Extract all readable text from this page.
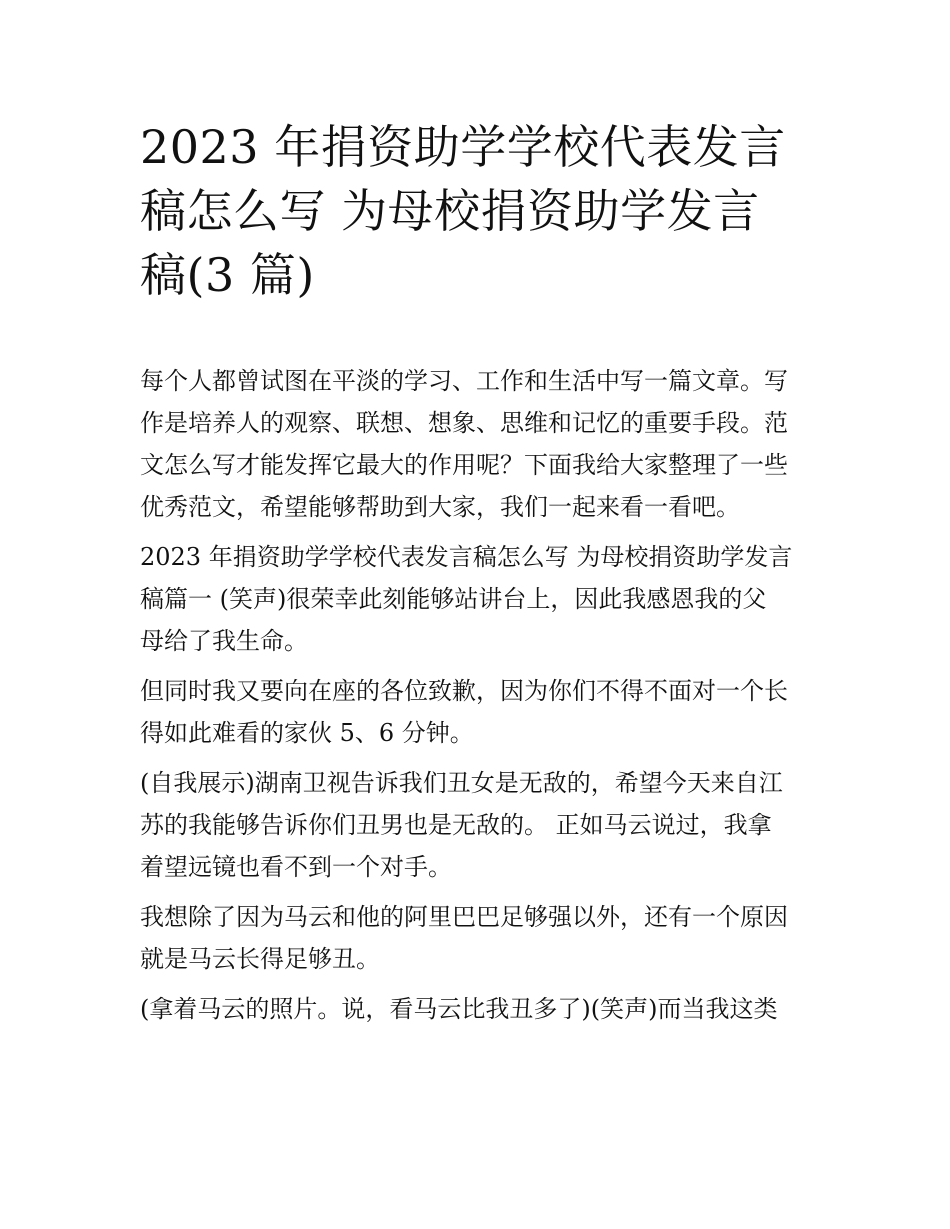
2023 年捐资助学学校代表发言
稿怎么写 为母校捐资助学发言
稿(3 篇)

每个人都曾试图在平淡的学习、工作和生活中写一篇文章。写
作是培养人的观察、联想、想象、思维和记忆的重要手段。范
文怎么写才能发挥它最大的作用呢？下面我给大家整理了一些
优秀范文，希望能够帮助到大家，我们一起来看一看吧。

2023 年捐资助学学校代表发言稿怎么写 为母校捐资助学发言
稿篇一 (笑声)很荣幸此刻能够站讲台上，因此我感恩我的父
母给了我生命。

但同时我又要向在座的各位致歉，因为你们不得不面对一个长
得如此难看的家伙 5、6 分钟。

(自我展示)湖南卫视告诉我们丑女是无敌的，希望今天来自江
苏的我能够告诉你们丑男也是无敌的。 正如马云说过，我拿
着望远镜也看不到一个对手。

我想除了因为马云和他的阿里巴巴足够强以外，还有一个原因
就是马云长得足够丑。

(拿着马云的照片。说，看马云比我丑多了)(笑声)而当我这类
